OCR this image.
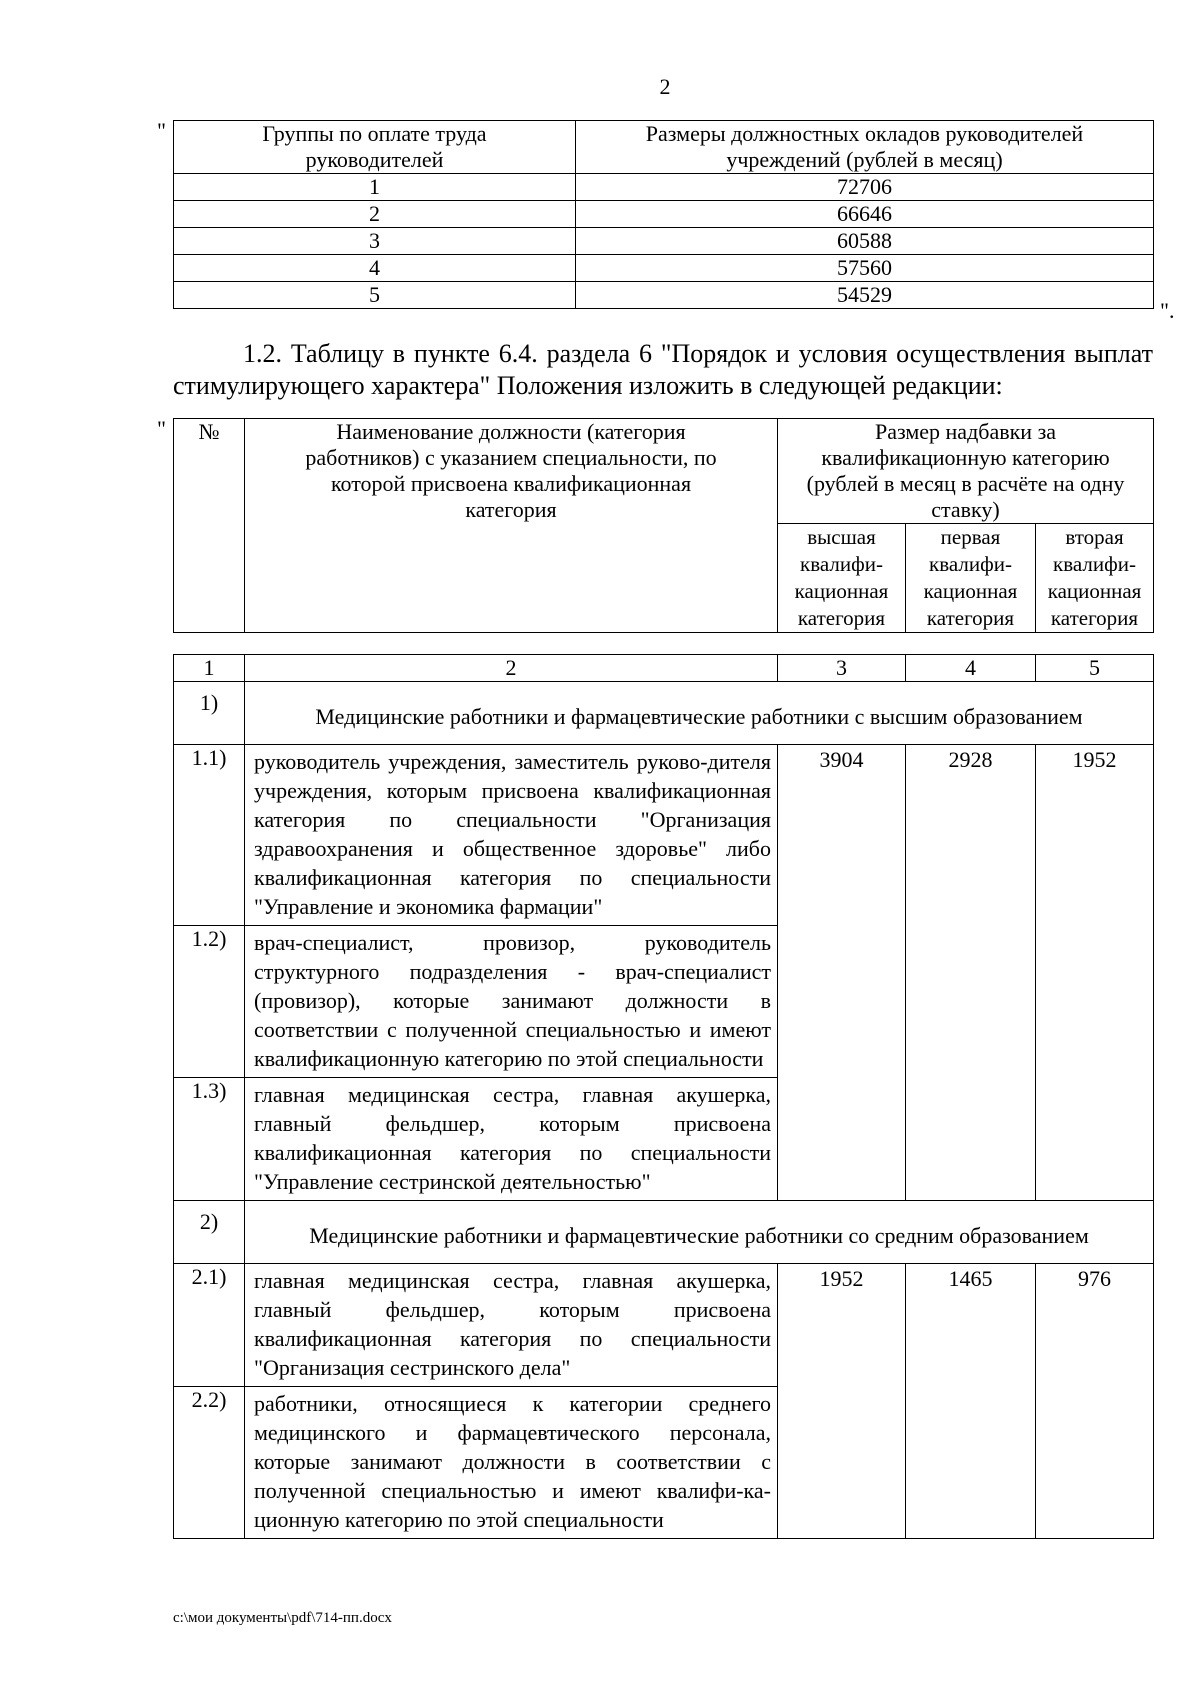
2
"	Группы по оплате труда руководителей	Размеры должностных окладов руководителей учреждений (рублей в месяц)
1	72706
2	66646
3	60588
4	57560
5	54529
".
1.2. Таблицу в пункте 6.4. раздела 6 "Порядок и условия осуществления выплат стимулирующего характера" Положения изложить в следующей редакции:
" №	Наименование должности (категория работников) с указанием специальности, по которой присвоена квалификационная категория	Размер надбавки за квалификационную категорию (рублей в месяц в расчёте на одну ставку)		
		высшая квалифи-кационная категория	первая квалифи-кационная категория	вторая квалифи-кационная категория
1	2	3	4	5
1)	Медицинские работники и фармацевтические работники с высшим образованием			
1.1)	руководитель учреждения, заместитель руково-дителя учреждения, которым присвоена квалификационная категория по специальности "Организация здравоохранения и общественное здоровье" либо квалификационная категория по специальности "Управление и экономика фармации"	3904	2928	1952
1.2)	врач-специалист, провизор, руководитель структурного подразделения - врач-специалист (провизор), которые занимают должности в соответствии с полученной специальностью и имеют квалификационную категорию по этой специальности			
1.3)	главная медицинская сестра, главная акушерка, главный фельдшер, которым присвоена квалификационная категория по специальности "Управление сестринской деятельностью"			
2)	Медицинские работники и фармацевтические работники со средним образованием			
2.1)	главная медицинская сестра, главная акушерка, главный фельдшер, которым присвоена квалификационная категория по специальности "Организация сестринского дела"	1952	1465	976
2.2)	работники, относящиеся к категории среднего медицинского и фармацевтического персонала, которые занимают должности в соответствии с полученной специальностью и имеют квалифи-ка-ционную категорию по этой специальности			
c:\мои документы\pdf\714-пп.docx
